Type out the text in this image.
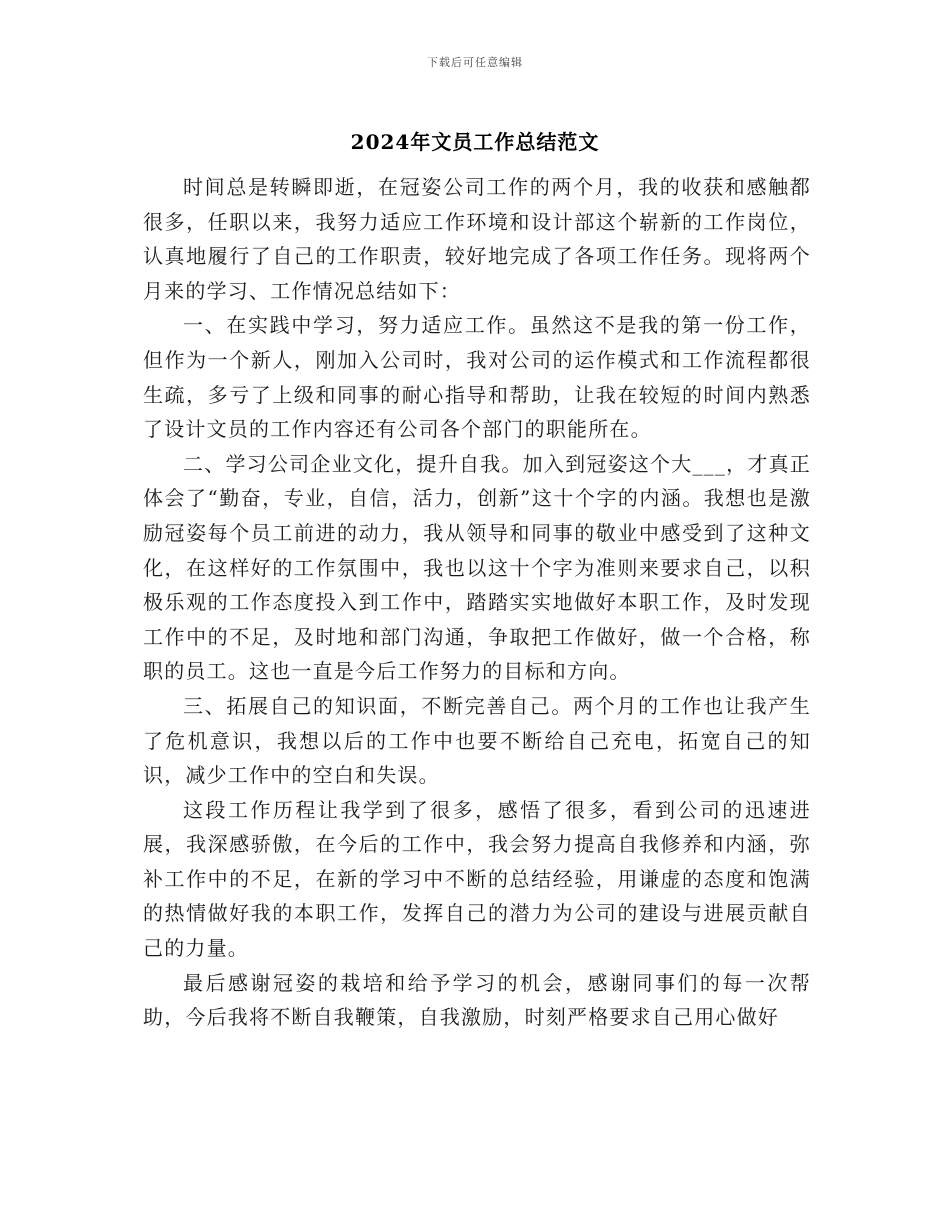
下载后可任意编辑
2024年文员工作总结范文

时间总是转瞬即逝，在冠姿公司工作的两个月，我的收获和感触都很多，任职以来，我努力适应工作环境和设计部这个崭新的工作岗位，认真地履行了自己的工作职责，较好地完成了各项工作任务。现将两个月来的学习、工作情况总结如下：

一、在实践中学习，努力适应工作。虽然这不是我的第一份工作，但作为一个新人，刚加入公司时，我对公司的运作模式和工作流程都很生疏，多亏了上级和同事的耐心指导和帮助，让我在较短的时间内熟悉了设计文员的工作内容还有公司各个部门的职能所在。

二、学习公司企业文化，提升自我。加入到冠姿这个大___，才真正体会了“勤奋，专业，自信，活力，创新”这十个字的内涵。我想也是激励冠姿每个员工前进的动力，我从领导和同事的敬业中感受到了这种文化，在这样好的工作氛围中，我也以这十个字为准则来要求自己，以积极乐观的工作态度投入到工作中，踏踏实实地做好本职工作，及时发现工作中的不足，及时地和部门沟通，争取把工作做好，做一个合格，称职的员工。这也一直是今后工作努力的目标和方向。

三、拓展自己的知识面，不断完善自己。两个月的工作也让我产生了危机意识，我想以后的工作中也要不断给自己充电，拓宽自己的知识，减少工作中的空白和失误。

这段工作历程让我学到了很多，感悟了很多，看到公司的迅速进展，我深感骄傲，在今后的工作中，我会努力提高自我修养和内涵，弥补工作中的不足，在新的学习中不断的总结经验，用谦虚的态度和饱满的热情做好我的本职工作，发挥自己的潜力为公司的建设与进展贡献自己的力量。

最后感谢冠姿的栽培和给予学习的机会，感谢同事们的每一次帮助，今后我将不断自我鞭策，自我激励，时刻严格要求自己用心做好
